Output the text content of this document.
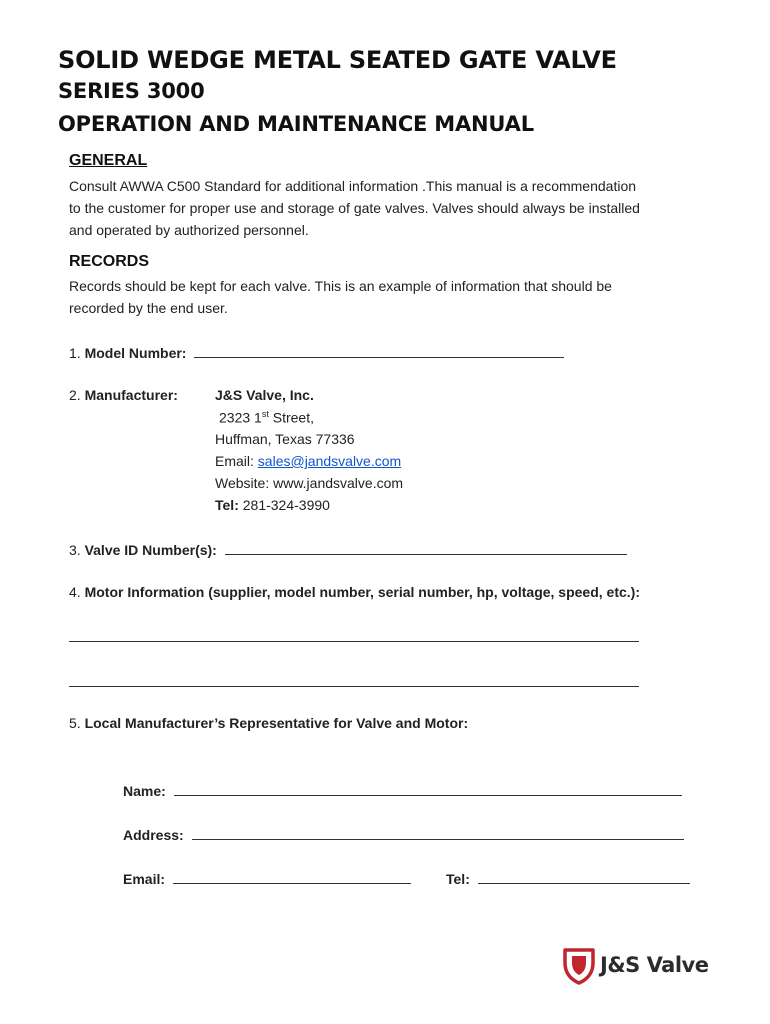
SOLID WEDGE METAL SEATED GATE VALVE
SERIES 3000
OPERATION AND MAINTENANCE MANUAL
GENERAL
Consult AWWA C500 Standard for additional information .This manual is a recommendation
to the customer for proper use and storage of gate valves. Valves should always be installed
and operated by authorized personnel.
RECORDS
Records should be kept for each valve. This is an example of information that should be
recorded by the end user.
1. Model Number:
2. Manufacturer:	J&S Valve, Inc.
2323 1st Street,
Huffman, Texas 77336
Email: sales@jandsvalve.com
Website: www.jandsvalve.com
Tel: 281-324-3990
3. Valve ID Number(s):
4. Motor Information (supplier, model number, serial number, hp, voltage, speed, etc.):
5. Local Manufacturer’s Representative for Valve and Motor:
Name:
Address:
Email:	Tel:
J&S Valve
